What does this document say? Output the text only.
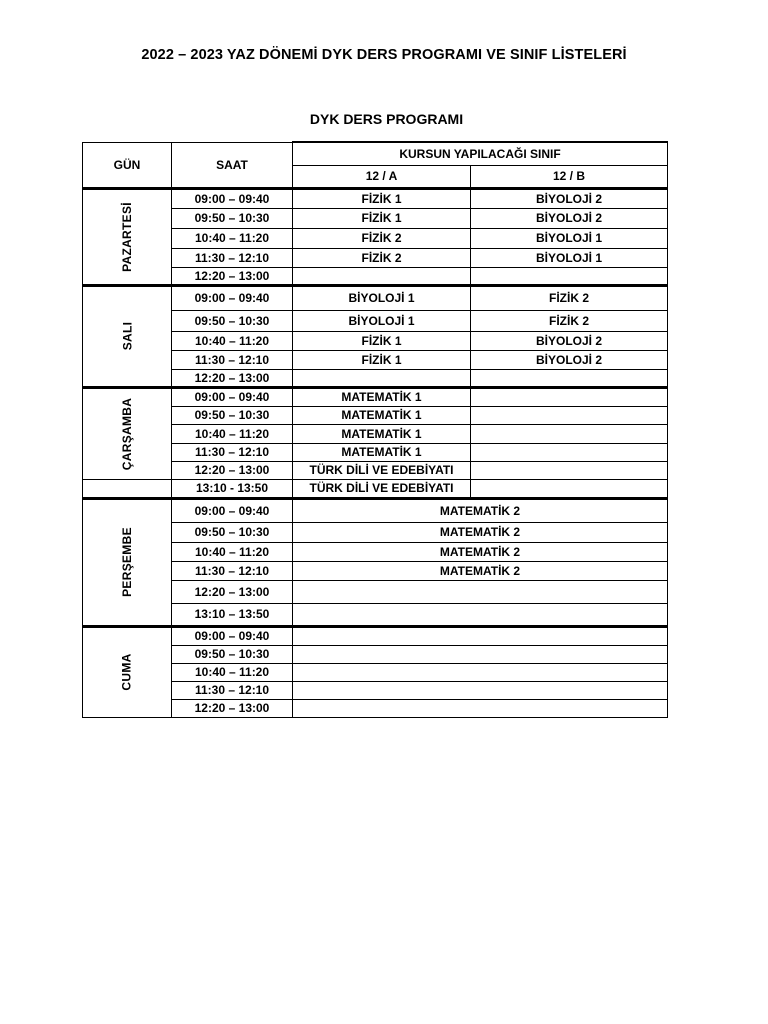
2022 – 2023 YAZ DÖNEMİ DYK DERS PROGRAMI VE SINIF LİSTELERİ
DYK DERS PROGRAMI
GÜN	SAAT	KURSUN YAPILACAĞI SINIF	
		12 / A	12 / B
PAZARTESİ	09:00 – 09:40	FİZİK 1	BİYOLOJİ 2
	09:50 – 10:30	FİZİK 1	BİYOLOJİ 2
	10:40 – 11:20	FİZİK 2	BİYOLOJİ 1
	11:30 – 12:10	FİZİK 2	BİYOLOJİ 1
	12:20 – 13:00		
SALI	09:00 – 09:40	BİYOLOJİ 1	FİZİK 2
	09:50 – 10:30	BİYOLOJİ 1	FİZİK 2
	10:40 – 11:20	FİZİK 1	BİYOLOJİ 2
	11:30 – 12:10	FİZİK 1	BİYOLOJİ 2
	12:20 – 13:00		
ÇARŞAMBA	09:00 – 09:40	MATEMATİK 1	
	09:50 – 10:30	MATEMATİK 1	
	10:40 – 11:20	MATEMATİK 1	
	11:30 – 12:10	MATEMATİK 1	
	12:20 – 13:00	TÜRK DİLİ VE EDEBİYATI	
	13:10 - 13:50	TÜRK DİLİ VE EDEBİYATI	
PERŞEMBE	09:00 – 09:40	MATEMATİK 2	
	09:50 – 10:30	MATEMATİK 2	
	10:40 – 11:20	MATEMATİK 2	
	11:30 – 12:10	MATEMATİK 2	
	12:20 – 13:00		
	13:10 – 13:50		
CUMA	09:00 – 09:40		
	09:50 – 10:30		
	10:40 – 11:20		
	11:30 – 12:10		
	12:20 – 13:00		
